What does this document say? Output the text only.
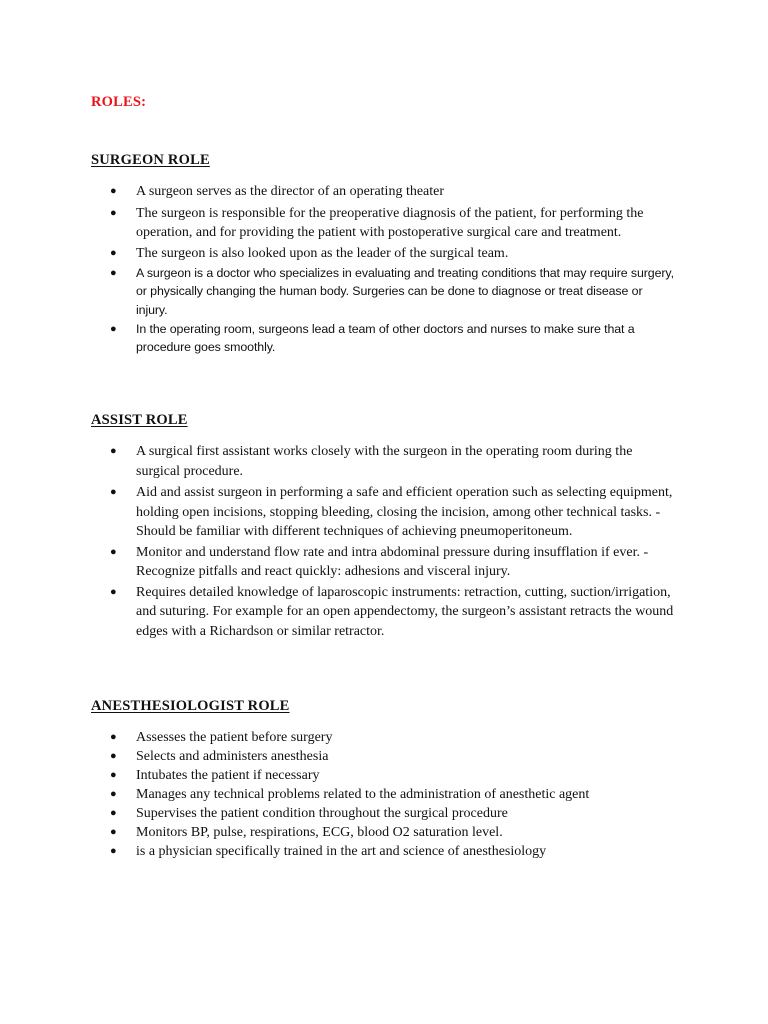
ROLES:
SURGEON ROLE
● A surgeon serves as the director of an operating theater
● The surgeon is responsible for the preoperative diagnosis of the patient, for performing the operation, and for providing the patient with postoperative surgical care and treatment.
● The surgeon is also looked upon as the leader of the surgical team.
● A surgeon is a doctor who specializes in evaluating and treating conditions that may require surgery, or physically changing the human body. Surgeries can be done to diagnose or treat disease or injury.
● In the operating room, surgeons lead a team of other doctors and nurses to make sure that a procedure goes smoothly.
ASSIST ROLE
● A surgical first assistant works closely with the surgeon in the operating room during the surgical procedure.
● Aid and assist surgeon in performing a safe and efficient operation such as selecting equipment, holding open incisions, stopping bleeding, closing the incision, among other technical tasks. -Should be familiar with different techniques of achieving pneumoperitoneum.
● Monitor and understand flow rate and intra abdominal pressure during insufflation if ever. -Recognize pitfalls and react quickly: adhesions and visceral injury.
● Requires detailed knowledge of laparoscopic instruments: retraction, cutting, suction/irrigation, and suturing. For example for an open appendectomy, the surgeon’s assistant retracts the wound edges with a Richardson or similar retractor.
ANESTHESIOLOGIST ROLE
● Assesses the patient before surgery
● Selects and administers anesthesia
● Intubates the patient if necessary
● Manages any technical problems related to the administration of anesthetic agent
● Supervises the patient condition throughout the surgical procedure
● Monitors BP, pulse, respirations, ECG, blood O2 saturation level.
● is a physician specifically trained in the art and science of anesthesiology
